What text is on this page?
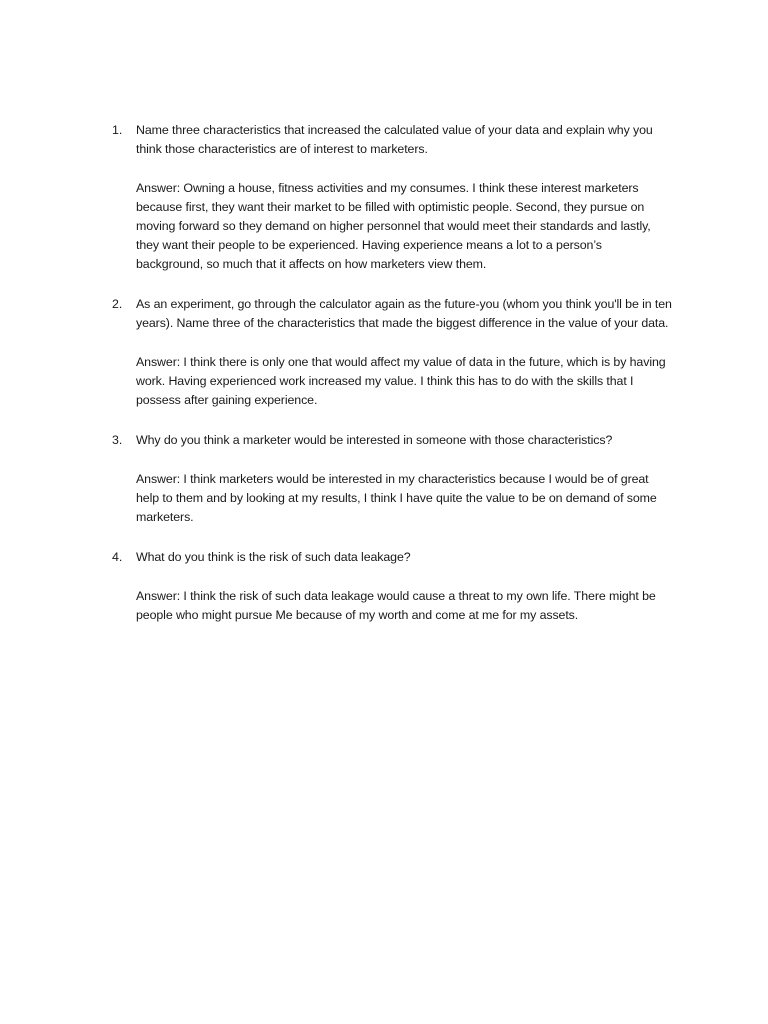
1. Name three characteristics that increased the calculated value of your data and explain why you think those characteristics are of interest to marketers.

Answer: Owning a house, fitness activities and my consumes. I think these interest marketers because first, they want their market to be filled with optimistic people. Second, they pursue on moving forward so they demand on higher personnel that would meet their standards and lastly, they want their people to be experienced. Having experience means a lot to a person’s background, so much that it affects on how marketers view them.

2. As an experiment, go through the calculator again as the future-you (whom you think you'll be in ten years). Name three of the characteristics that made the biggest difference in the value of your data.

Answer: I think there is only one that would affect my value of data in the future, which is by having work. Having experienced work increased my value. I think this has to do with the skills that I possess after gaining experience.

3. Why do you think a marketer would be interested in someone with those characteristics?

Answer: I think marketers would be interested in my characteristics because I would be of great help to them and by looking at my results, I think I have quite the value to be on demand of some marketers.

4. What do you think is the risk of such data leakage?

Answer: I think the risk of such data leakage would cause a threat to my own life. There might be people who might pursue Me because of my worth and come at me for my assets.
